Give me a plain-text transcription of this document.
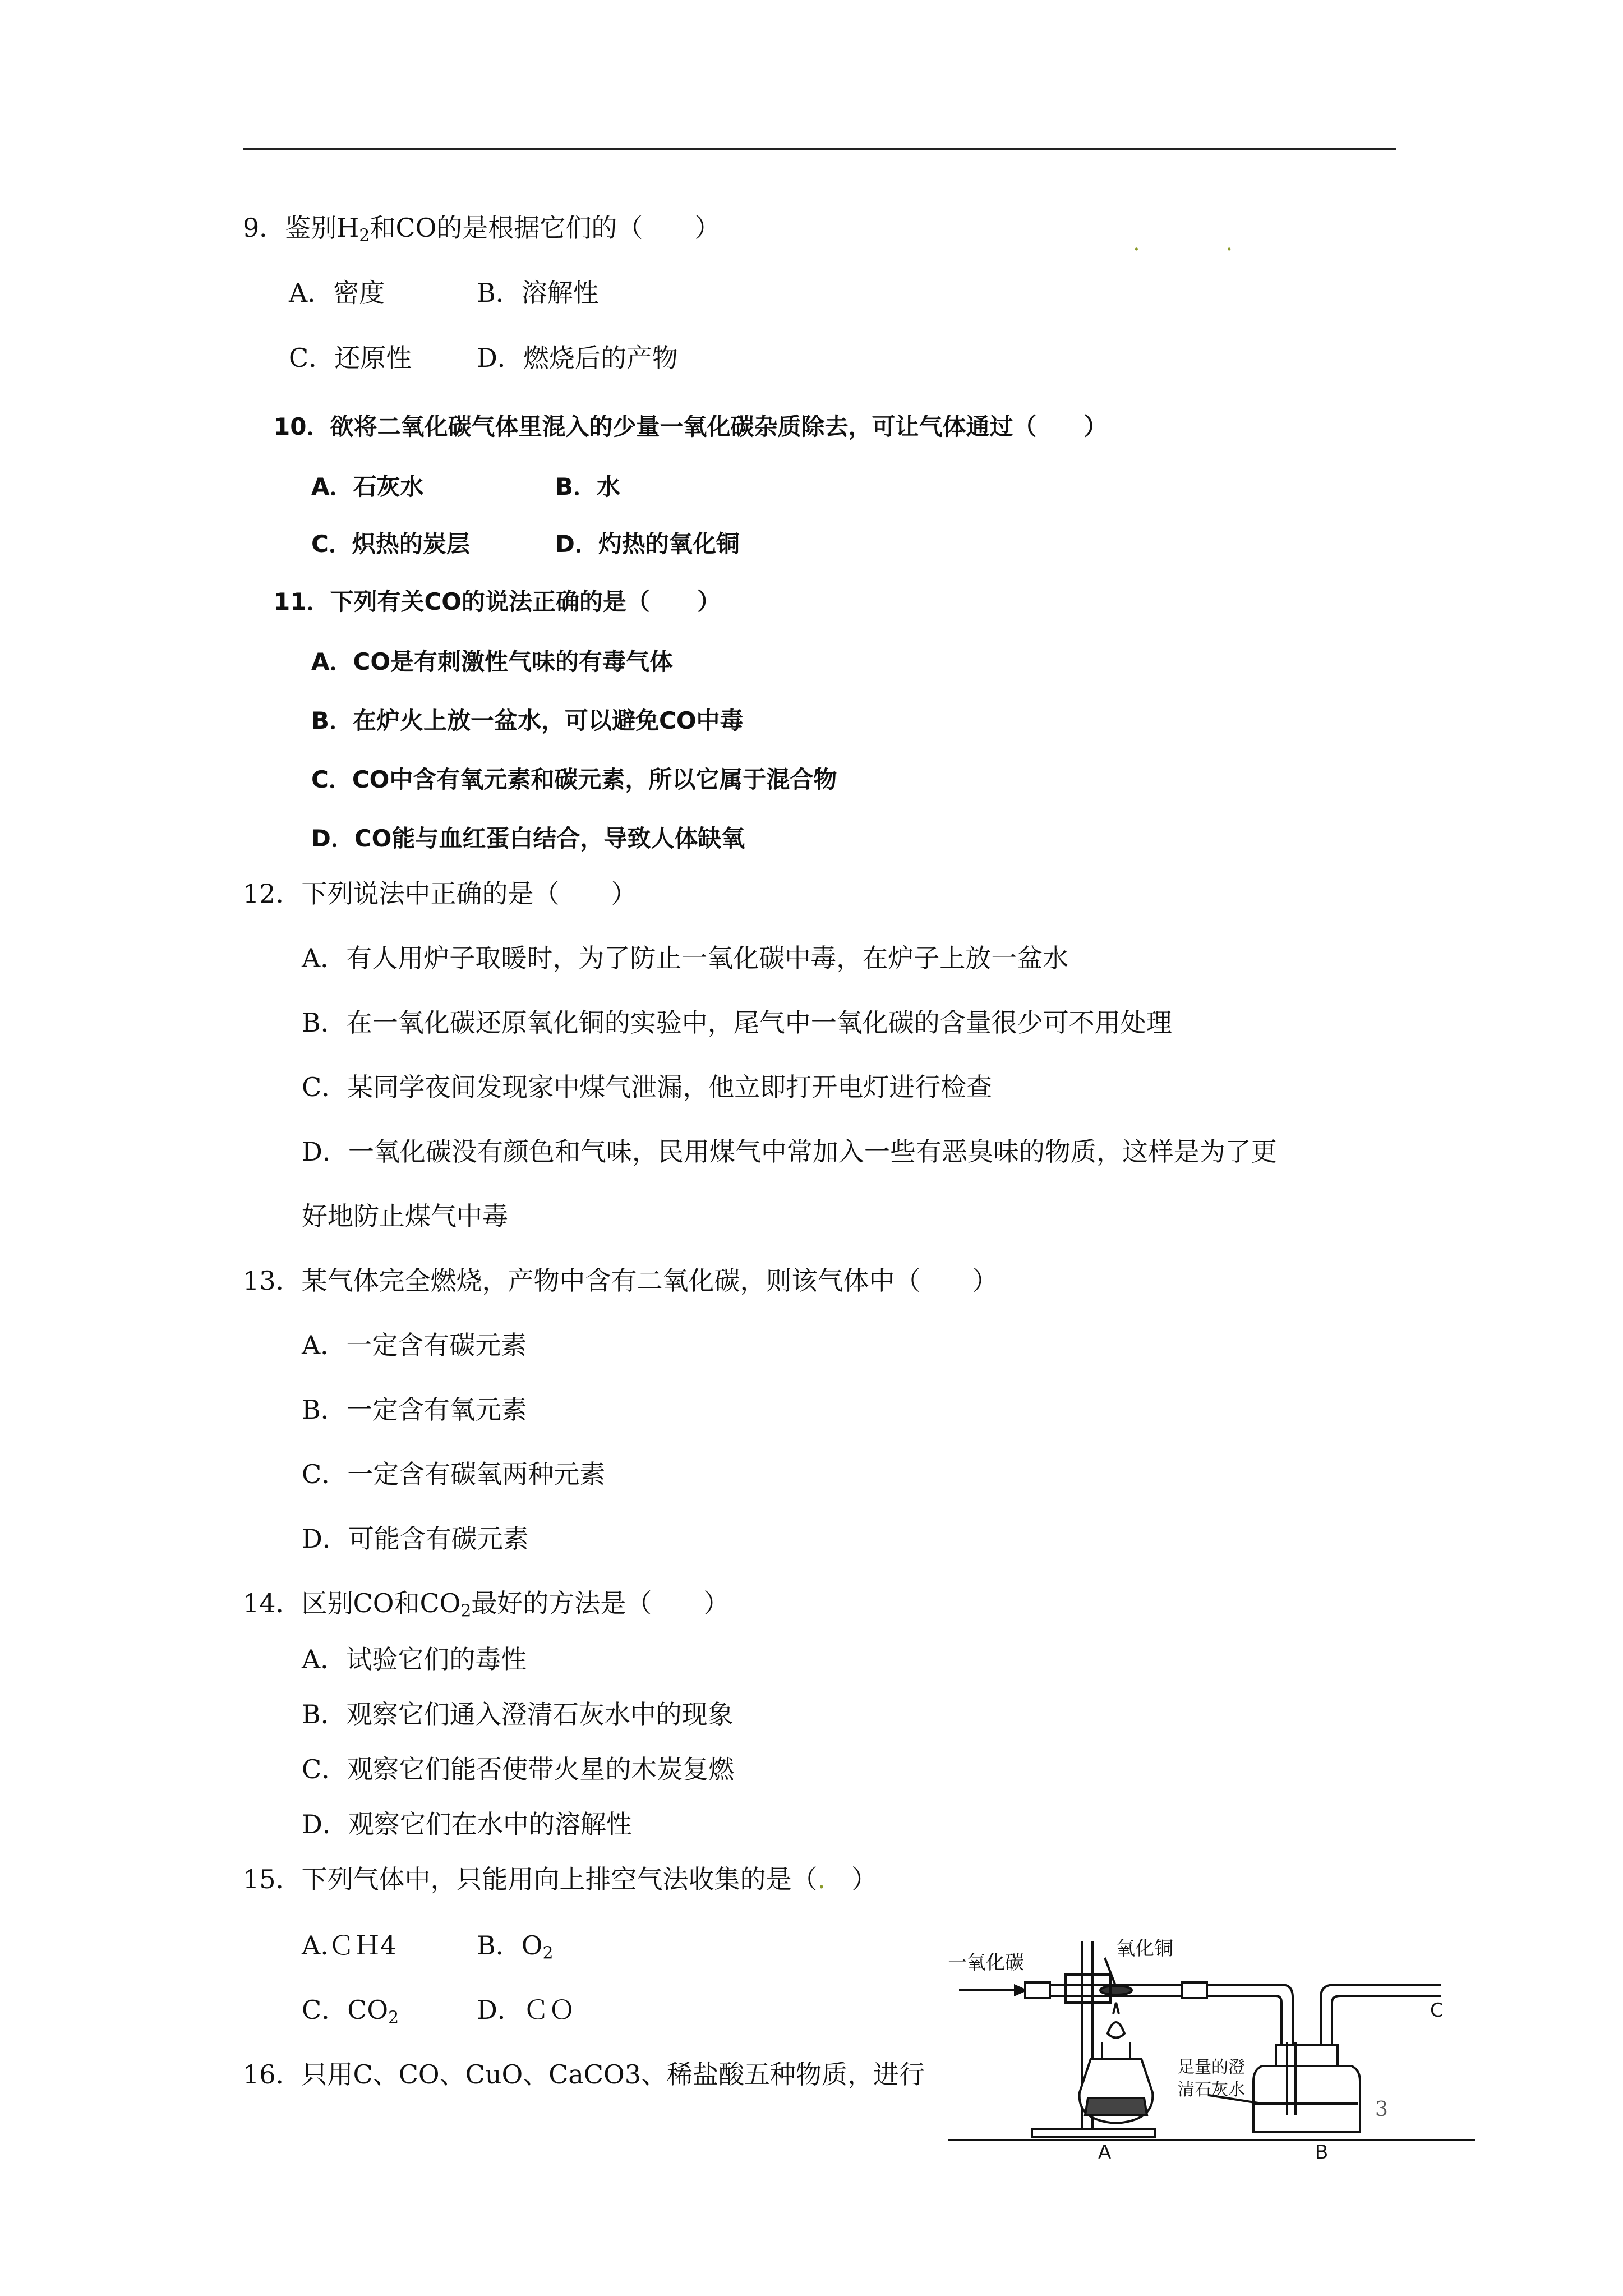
9．鉴别$H_2$和CO的是根据它们的（　　）	. .
A．密度	B．溶解性
C．还原性	D．燃烧后的产物
10．欲将二氧化碳气体里混入的少量一氧化碳杂质除去，可让气体通过（　　）
A．石灰水	B．水
C．炽热的炭层	D．灼热的氧化铜
11．下列有关CO的说法正确的是（　　）
A．CO是有刺激性气味的有毒气体
B．在炉火上放一盆水，可以避免CO中毒
C．CO中含有氧元素和碳元素，所以它属于混合物
D．CO能与血红蛋白结合，导致人体缺氧
12．下列说法中正确的是（　　）
A．有人用炉子取暖时，为了防止一氧化碳中毒，在炉子上放一盆水
B．在一氧化碳还原氧化铜的实验中，尾气中一氧化碳的含量很少可不用处理
C．某同学夜间发现家中煤气泄漏，他立即打开电灯进行检查
D．一氧化碳没有颜色和气味，民用煤气中常加入一些有恶臭味的物质，这样是为了更
好地防止煤气中毒
13．某气体完全燃烧，产物中含有二氧化碳，则该气体中（　　）
A．一定含有碳元素
B．一定含有氧元素
C．一定含有碳氧两种元素
D．可能含有碳元素
14．区别CO和$CO_2$最好的方法是（　　）
A．试验它们的毒性
B．观察它们通入澄清石灰水中的现象
C．观察它们能否使带火星的木炭复燃
D．观察它们在水中的溶解性
15．下列气体中，只能用向上排空气法收集的是（.　 ）
A.ＣＨ4	B．$O_2$
C．$CO_2$	D．ＣＯ
16．只用C、CO、CuO、CaCO3、稀盐酸五种物质，进行
一氧化碳
氧化铜
C
足量的澄
清石灰水
A	B
3
